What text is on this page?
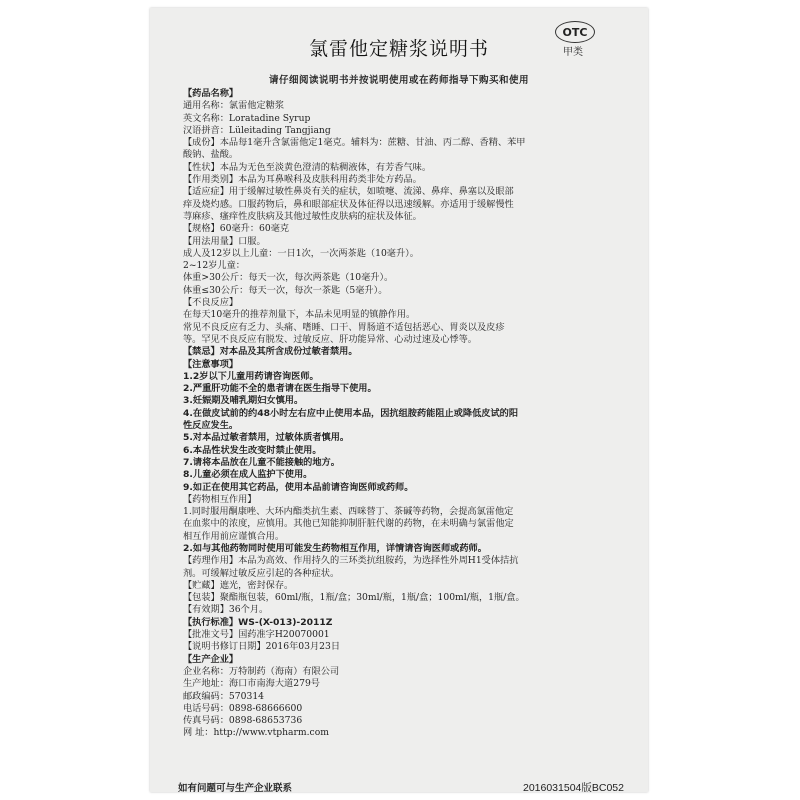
OTC
甲类
氯雷他定糖浆说明书
请仔细阅读说明书并按说明使用或在药师指导下购买和使用
【药品名称】
通用名称：氯雷他定糖浆
英文名称：Loratadine Syrup
汉语拼音：Lüleitading Tangjiang
【成份】本品每1毫升含氯雷他定1毫克。辅料为：蔗糖、甘油、丙二醇、香精、苯甲
酸钠、盐酸。
【性状】本品为无色至淡黄色澄清的粘稠液体，有芳香气味。
【作用类别】本品为耳鼻喉科及皮肤科用药类非处方药品。
【适应症】用于缓解过敏性鼻炎有关的症状，如喷嚏、流涕、鼻痒、鼻塞以及眼部
痒及烧灼感。口服药物后，鼻和眼部症状及体征得以迅速缓解。亦适用于缓解慢性
荨麻疹、瘙痒性皮肤病及其他过敏性皮肤病的症状及体征。
【规格】60毫升：60毫克
【用法用量】口服。
成人及12岁以上儿童：一日1次，一次两茶匙（10毫升）。
2~12岁儿童：
体重>30公斤：每天一次，每次两茶匙（10毫升）。
体重≤30公斤：每天一次，每次一茶匙（5毫升）。
【不良反应】
在每天10毫升的推荐剂量下，本品未见明显的镇静作用。
常见不良反应有乏力、头痛、嗜睡、口干、胃肠道不适包括恶心、胃炎以及皮疹
等。罕见不良反应有脱发、过敏反应、肝功能异常、心动过速及心悸等。
【禁忌】对本品及其所含成份过敏者禁用。
【注意事项】
1.2岁以下儿童用药请咨询医师。
2.严重肝功能不全的患者请在医生指导下使用。
3.妊娠期及哺乳期妇女慎用。
4.在做皮试前的约48小时左右应中止使用本品，因抗组胺药能阻止或降低皮试的阳
性反应发生。
5.对本品过敏者禁用，过敏体质者慎用。
6.本品性状发生改变时禁止使用。
7.请将本品放在儿童不能接触的地方。
8.儿童必须在成人监护下使用。
9.如正在使用其它药品，使用本品前请咨询医师或药师。
【药物相互作用】
1.同时服用酮康唑、大环内酯类抗生素、西咪替丁、茶碱等药物，会提高氯雷他定
在血浆中的浓度，应慎用。其他已知能抑制肝脏代谢的药物，在未明确与氯雷他定
相互作用前应谨慎合用。
2.如与其他药物同时使用可能发生药物相互作用，详情请咨询医师或药师。
【药理作用】本品为高效、作用持久的三环类抗组胺药，为选择性外周H1受体拮抗
剂。可缓解过敏反应引起的各种症状。
【贮藏】遮光，密封保存。
【包装】聚酯瓶包装，60ml/瓶，1瓶/盒；30ml/瓶，1瓶/盒；100ml/瓶，1瓶/盒。
【有效期】36个月。
【执行标准】WS-(X-013)-2011Z
【批准文号】国药准字H20070001
【说明书修订日期】2016年03月23日
【生产企业】
企业名称：万特制药（海南）有限公司
生产地址：海口市南海大道279号
邮政编码：570314
电话号码：0898-68666600
传真号码：0898-68653736
网 址：http://www.vtpharm.com
如有问题可与生产企业联系	2016031504版BC052
